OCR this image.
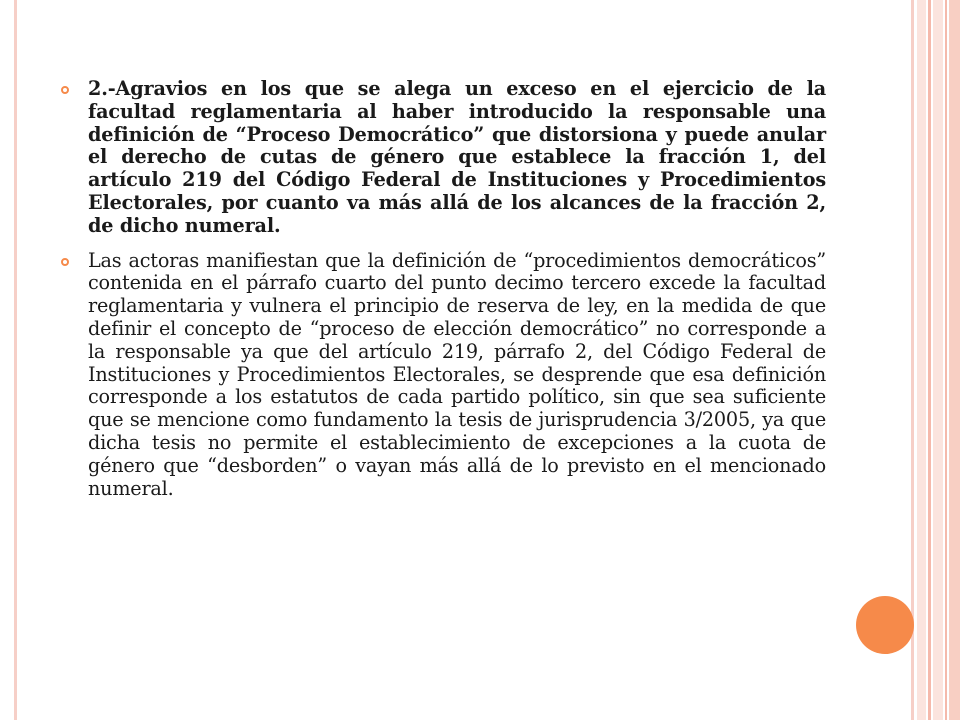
2.-Agravios en los que se alega un exceso en el ejercicio de la facultad reglamentaria al haber introducido la responsable una definición de “Proceso Democrático” que distorsiona y puede anular el derecho de cutas de género que establece la fracción 1, del artículo 219 del Código Federal de Instituciones y Procedimientos Electorales, por cuanto va más allá de los alcances de la fracción 2, de dicho numeral.

Las actoras manifiestan que la definición de “procedimientos democráticos” contenida en el párrafo cuarto del punto decimo tercero excede la facultad reglamentaria y vulnera el principio de reserva de ley, en la medida de que definir el concepto de “proceso de elección democrático” no corresponde a la responsable ya que del artículo 219, párrafo 2, del Código Federal de Instituciones y Procedimientos Electorales, se desprende que esa definición corresponde a los estatutos de cada partido político, sin que sea suficiente que se mencione como fundamento la tesis de jurisprudencia 3/2005, ya que dicha tesis no permite el establecimiento de excepciones a la cuota de género que “desborden” o vayan más allá de lo previsto en el mencionado numeral.
